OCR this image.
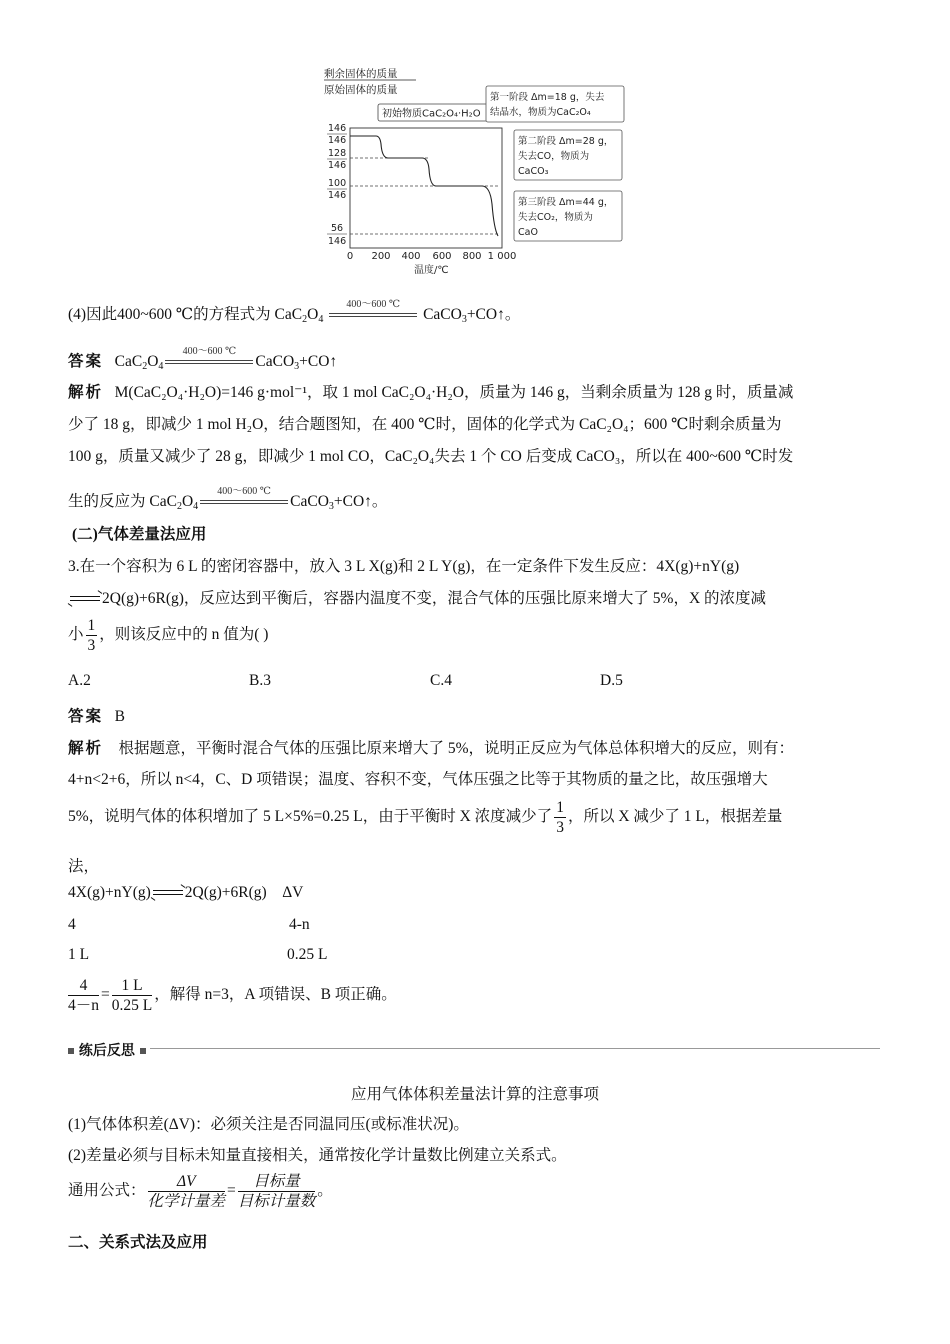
剩余固体的质量
原始固体的质量
初始物质CaC₂O₄·H₂O
146
146
128
146
100
146
56
146
0 200 400 600 800 1 000
温度/℃
第一阶段 Δm=18 g，失去
结晶水，物质为CaC₂O₄
第二阶段 Δm=28 g，
失去CO，物质为
CaCO₃
第三阶段 Δm=44 g，
失去CO₂，物质为
CaO
(4)因此400~600 ℃的方程式为 $CaC_2O_4$
400～600 ℃
CaCO$_3$+CO↑。
答案 $CaC_2O_4$
400～600 ℃
CaCO$_3$+CO↑
解析 M(CaC₂O₄·H₂O)=146 g·mol⁻¹，取 1 mol CaC₂O₄·H₂O，质量为 146 g，当剩余质量为 128 g 时，质量减
少了 18 g，即减少 1 mol H₂O，结合题图知，在 400 ℃时，固体的化学式为 CaC₂O₄；600 ℃时剩余质量为
100 g，质量又减少了 28 g，即减少 1 mol CO，CaC₂O₄失去 1 个 CO 后变成 CaCO₃，所以在 400~600 ℃时发
生的反应为 $CaC_2O_4$
400～600 ℃
CaCO$_3$+CO↑。
(二)气体差量法应用
3.在一个容积为 6 L 的密闭容器中，放入 3 L X(g)和 2 L Y(g)，在一定条件下发生反应：4X(g)+nY(g)
⇌2Q(g)+6R(g)，反应达到平衡后，容器内温度不变，混合气体的压强比原来增大了 5%，X 的浓度减
小 $\frac{1}{3}$ ，则该反应中的 n 值为( )
A.2	B.3	C.4	D.5
答案 B
解析 根据题意，平衡时混合气体的压强比原来增大了 5%，说明正反应为气体总体积增大的反应，则有：
4+n<2+6，所以 n<4，C、D 项错误；温度、容积不变，气体压强之比等于其物质的量之比，故压强增大
5%，说明气体的体积增加了 5 L×5%=0.25 L，由于平衡时 X 浓度减少了 $\frac{1}{3}$ ，所以 X 减少了 1 L，根据差量
法，
4X(g)+nY(g)⇌2Q(g)+6R(g) ΔV
4	4-n
1 L	0.25 L
$\frac{4}{4-n} = \frac{1 L}{0.25 L}$ ，解得 n=3，A 项错误、B 项正确。
练后反思
应用气体体积差量法计算的注意事项
(1)气体体积差(ΔV)：必须关注是否同温同压(或标准状况)。
(2)差量必须与目标未知量直接相关，通常按化学计量数比例建立关系式。
通用公式： $\frac{\Delta V}{\text{化学计量差}} = \frac{\text{目标量}}{\text{目标计量数}}$ 。
二、关系式法及应用
